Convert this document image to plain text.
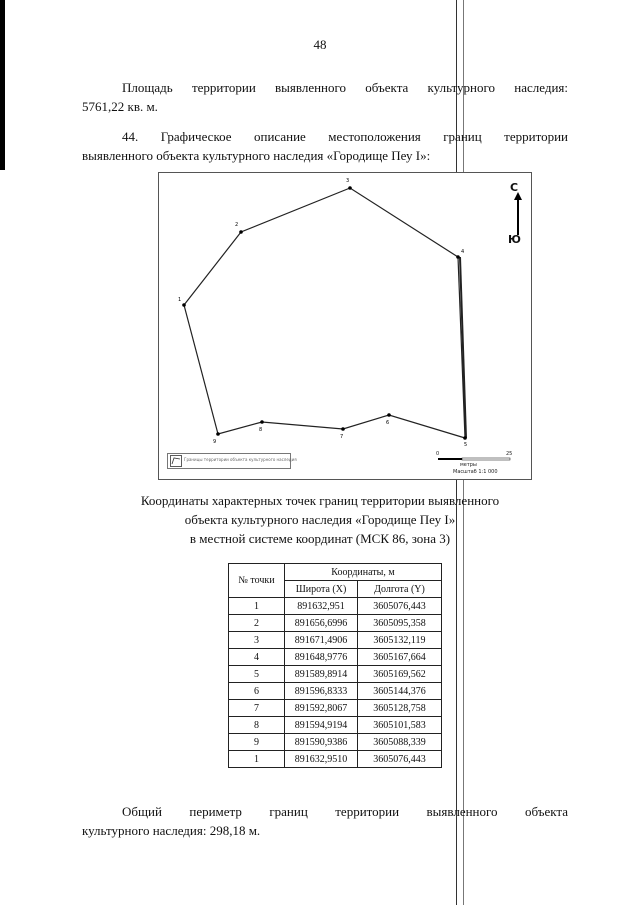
48
Площадь территории выявленного объекта культурного наследия:
5761,22 кв. м.
44. Графическое описание местоположения границ территории
выявленного объекта культурного наследия «Городище Пеу I»:
1
2
3
4
5
6
7
8
9
С
Ю
0	25
метры
Масштаб 1:1 000
Границы территории объекта культурного наследия
Координаты характерных точек границ территории выявленного
объекта культурного наследия «Городище Пеу I»
в местной системе координат (МСК 86, зона 3)
№ точки	Координаты, м	
	Широта (X)	Долгота (Y)
1	891632,951	3605076,443
2	891656,6996	3605095,358
3	891671,4906	3605132,119
4	891648,9776	3605167,664
5	891589,8914	3605169,562
6	891596,8333	3605144,376
7	891592,8067	3605128,758
8	891594,9194	3605101,583
9	891590,9386	3605088,339
1	891632,9510	3605076,443
Общий периметр границ территории выявленного объекта
культурного наследия: 298,18 м.
